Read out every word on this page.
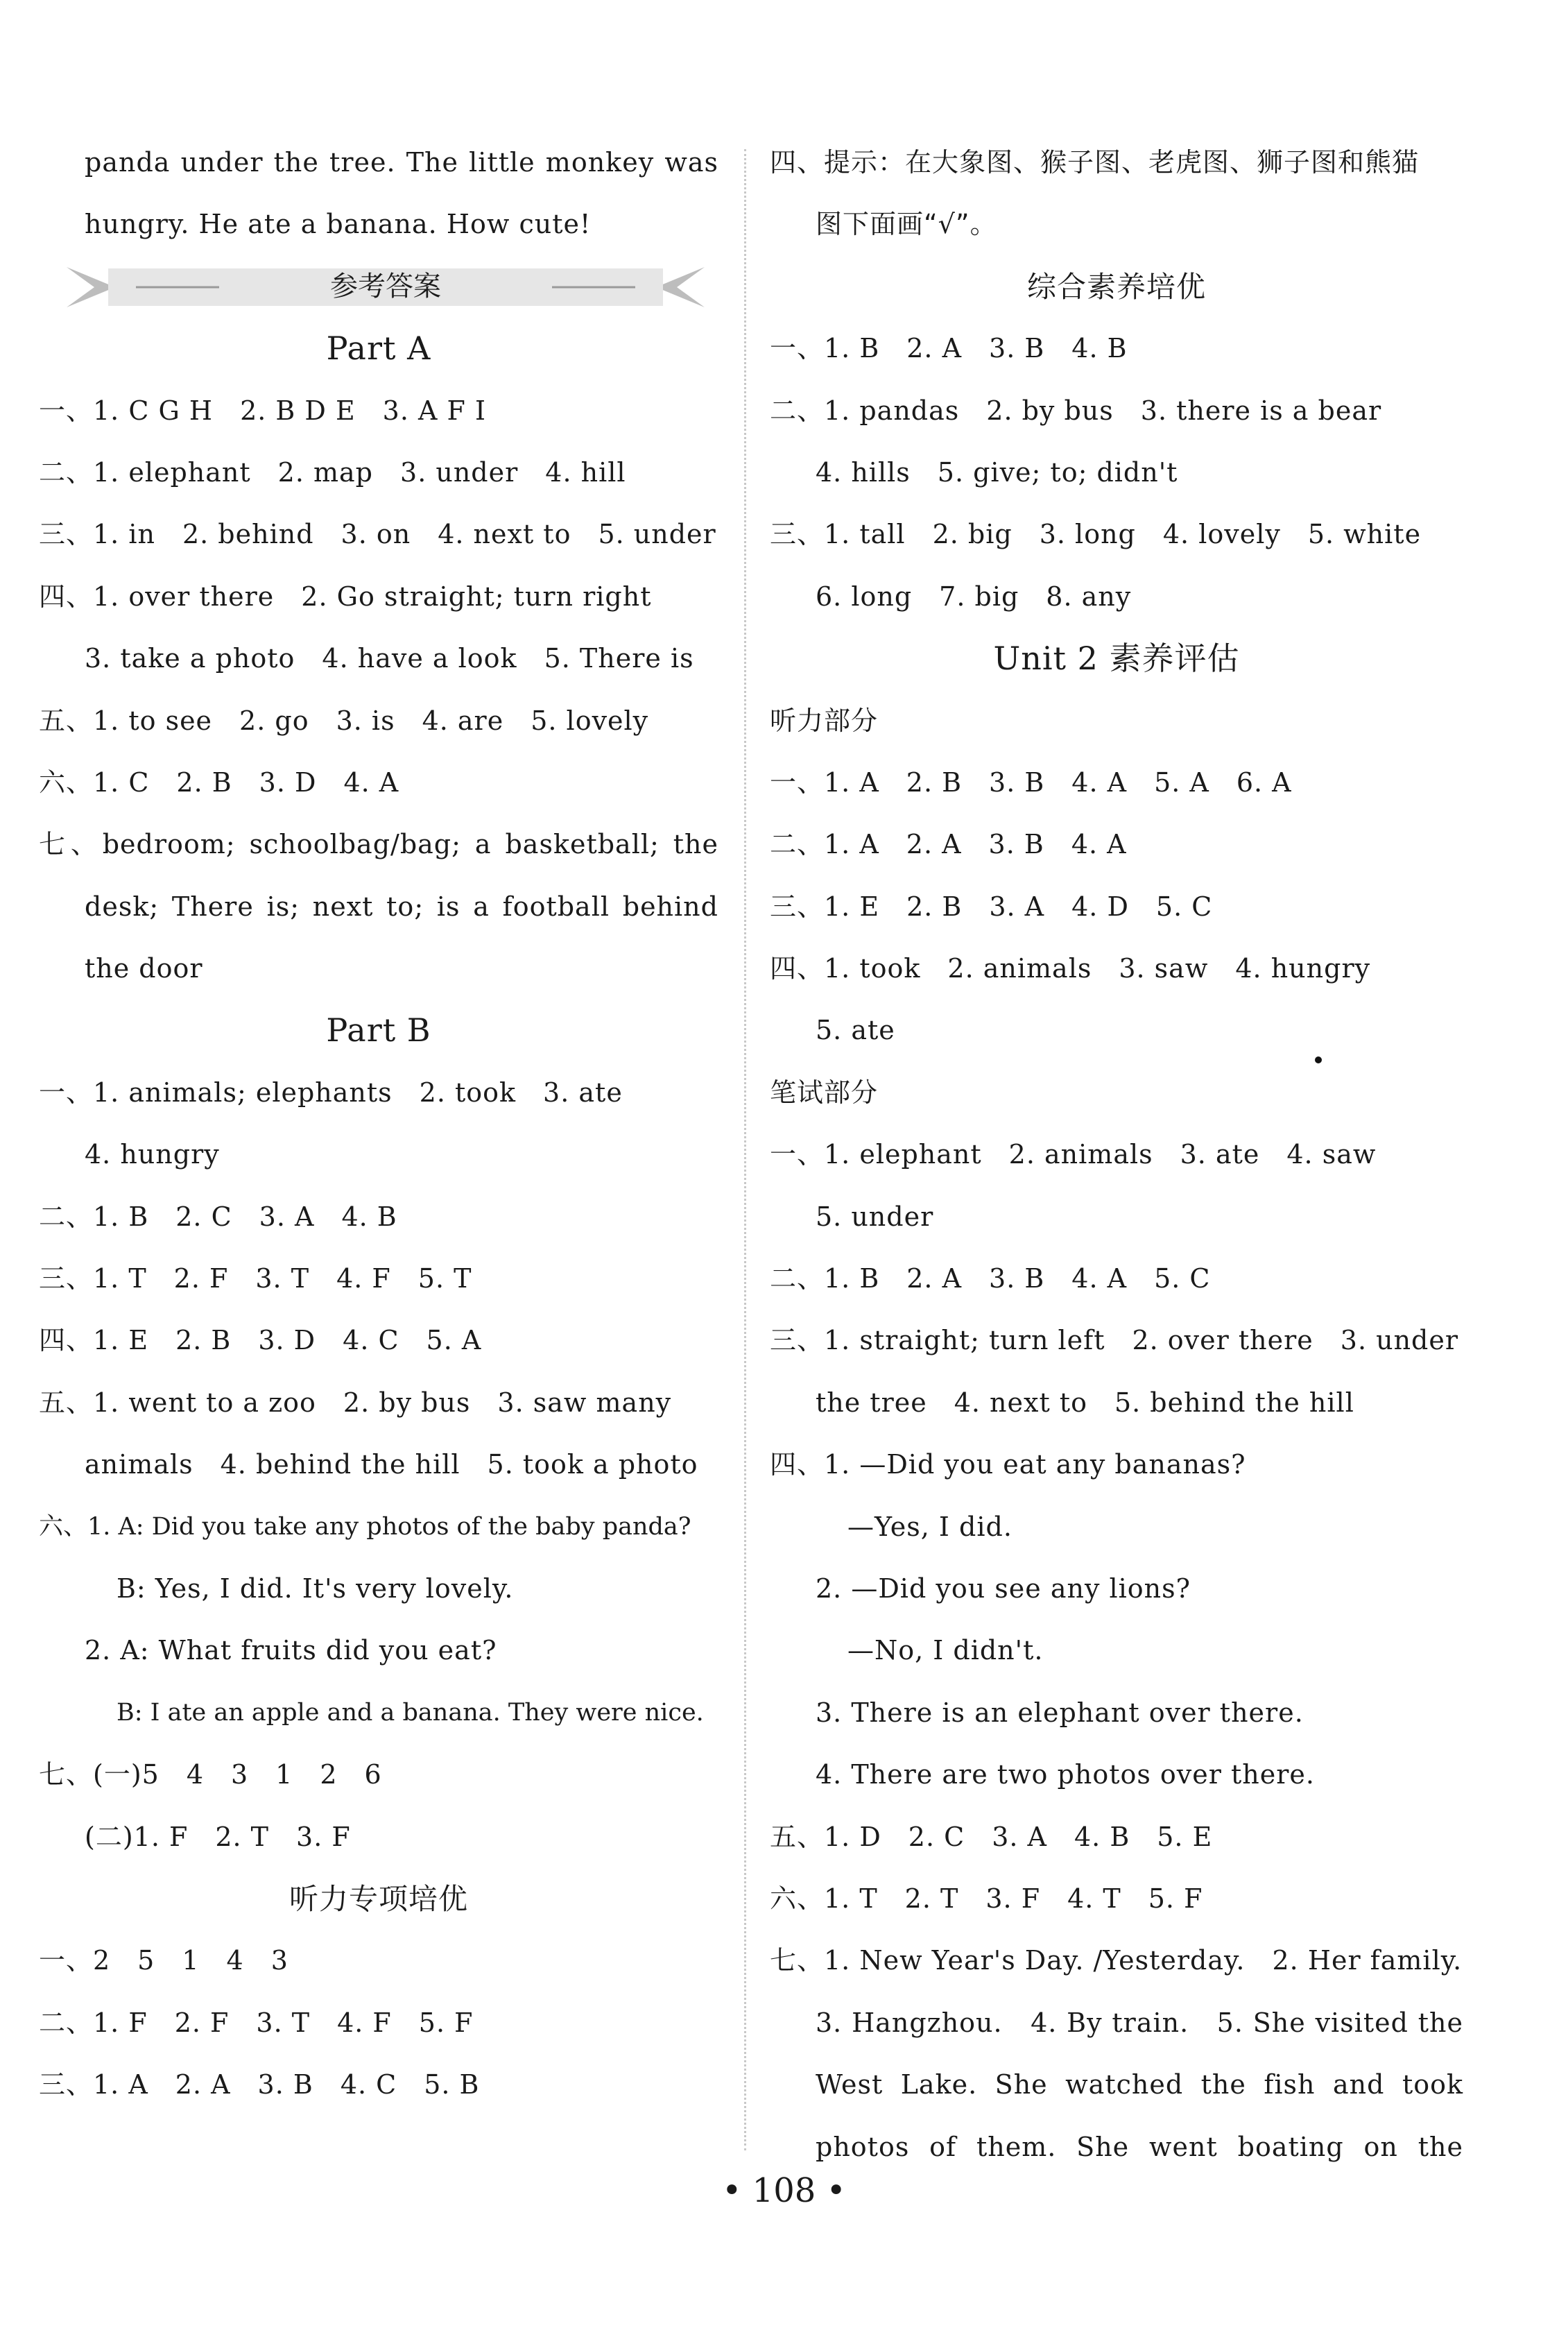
panda under the tree. The little monkey was
hungry. He ate a banana. How cute!
参考答案
Part A
一、1. C G H　2. B D E　3. A F I
二、1. elephant　2. map　3. under　4. hill
三、1. in　2. behind　3. on　4. next to　5. under
四、1. over there　2. Go straight; turn right
3. take a photo　4. have a look　5. There is
五、1. to see　2. go　3. is　4. are　5. lovely
六、1. C　2. B　3. D　4. A
七、bedroom; schoolbag/bag; a basketball; the
desk; There is; next to; is a football behind
the door
Part B
一、1. animals; elephants　2. took　3. ate
4. hungry
二、1. B　2. C　3. A　4. B
三、1. T　2. F　3. T　4. F　5. T
四、1. E　2. B　3. D　4. C　5. A
五、1. went to a zoo　2. by bus　3. saw many
animals　4. behind the hill　5. took a photo
六、1. A: Did you take any photos of the baby panda?
B: Yes, I did. It's very lovely.
2. A: What fruits did you eat?
B: I ate an apple and a banana. They were nice.
七、(一)5　4　3　1　2　6
(二)1. F　2. T　3. F
听力专项培优
一、2　5　1　4　3
二、1. F　2. F　3. T　4. F　5. F
三、1. A　2. A　3. B　4. C　5. B
四、提示：在大象图、猴子图、老虎图、狮子图和熊猫
图下面画“√”。
综合素养培优
一、1. B　2. A　3. B　4. B
二、1. pandas　2. by bus　3. there is a bear
4. hills　5. give; to; didn't
三、1. tall　2. big　3. long　4. lovely　5. white
6. long　7. big　8. any
Unit 2 素养评估
听力部分
一、1. A　2. B　3. B　4. A　5. A　6. A
二、1. A　2. A　3. B　4. A
三、1. E　2. B　3. A　4. D　5. C
四、1. took　2. animals　3. saw　4. hungry
5. ate
笔试部分
一、1. elephant　2. animals　3. ate　4. saw
5. under
二、1. B　2. A　3. B　4. A　5. C
三、1. straight; turn left　2. over there　3. under
the tree　4. next to　5. behind the hill
四、1. —Did you eat any bananas?
—Yes, I did.
2. —Did you see any lions?
—No, I didn't.
3. There is an elephant over there.
4. There are two photos over there.
五、1. D　2. C　3. A　4. B　5. E
六、1. T　2. T　3. F　4. T　5. F
七、1. New Year's Day. /Yesterday.　2. Her family.
3. Hangzhou.　4. By train.　5. She visited the
West Lake. She watched the fish and took
photos of them. She went boating on the
• 108 •
